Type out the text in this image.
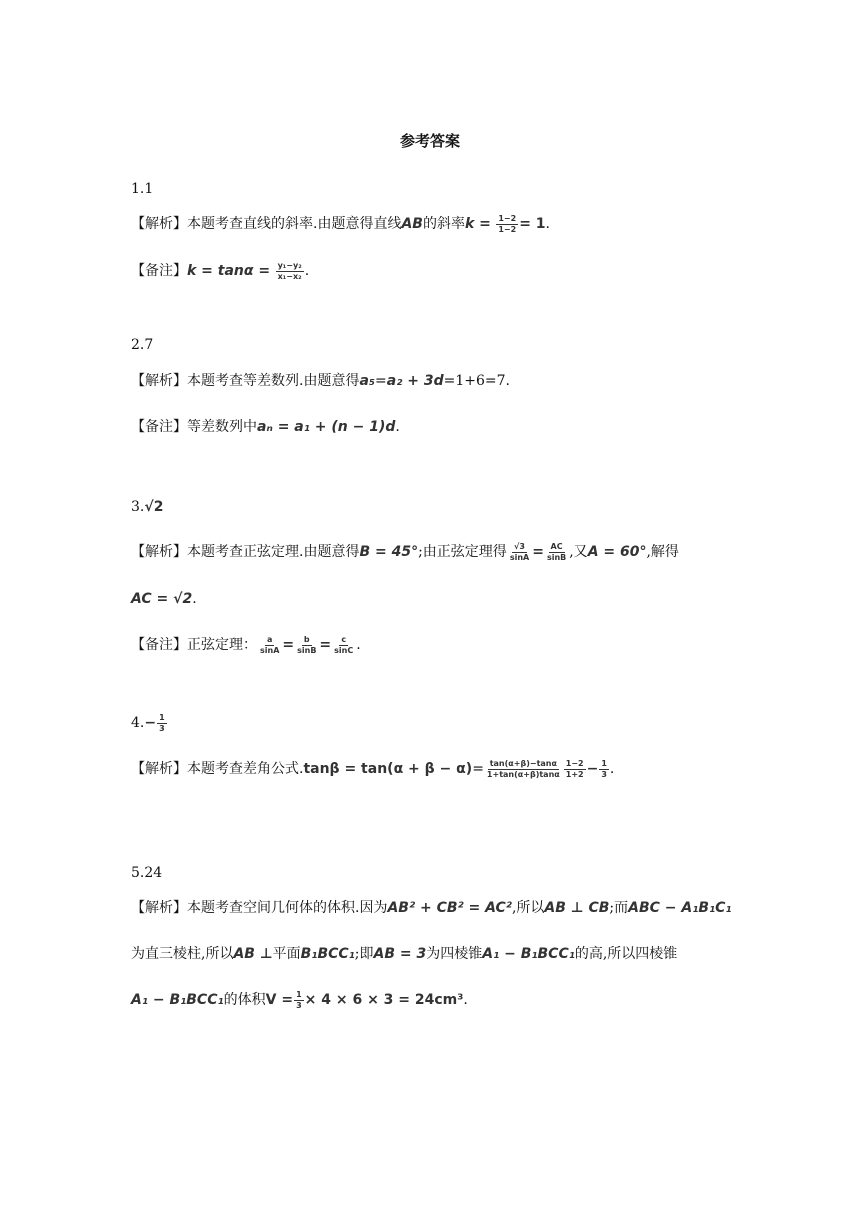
参考答案
1.1
【解析】本题考查直线的斜率.由题意得直线AB的斜率$k = \frac{1-2}{1-2} = 1$.
【备注】$k = \tan\alpha = \frac{\text{y₁−y₂}}{\text{x₁−x₂}}$ .
2.7
【解析】本题考查等差数列.由题意得a₅=a₂ + 3d=1+6=7.
【备注】等差数列中aₙ = a₁ + (n − 1)d.
3.√2
【解析】本题考查正弦定理.由题意得B = 45°;由正弦定理得 $\frac{√3}{\sin A} = \frac{AC}{\sin B}$ ,又A = 60°,解得
AC = √2.
【备注】正弦定理： $\frac{a}{\sin A} = \frac{b}{\sin B} = \frac{c}{\sin C}$ .
$4.- \frac{1}{3}$
【解析】本题考查差角公式$.\tan\beta = \tan(\alpha + \beta - \alpha)= \frac{\tan(\alpha+\beta)-\tan\alpha}{1+\tan(\alpha+\beta)\tan\alpha} \frac{1-2}{1+2} - \frac{1}{3}$ .
5.24
【解析】本题考查空间几何体的体积.因为AB² + CB² = AC²,所以AB ⊥ CB;而ABC − A₁B₁C₁
为直三棱柱,所以AB ⊥平面B₁BCC₁;即AB = 3为四棱锥A₁ − B₁BCC₁的高,所以四棱锥
A₁ − B₁BCC₁的体积$V = \frac{1}{3} \times 4 \times 6 \times 3 = 24cm^3$.
